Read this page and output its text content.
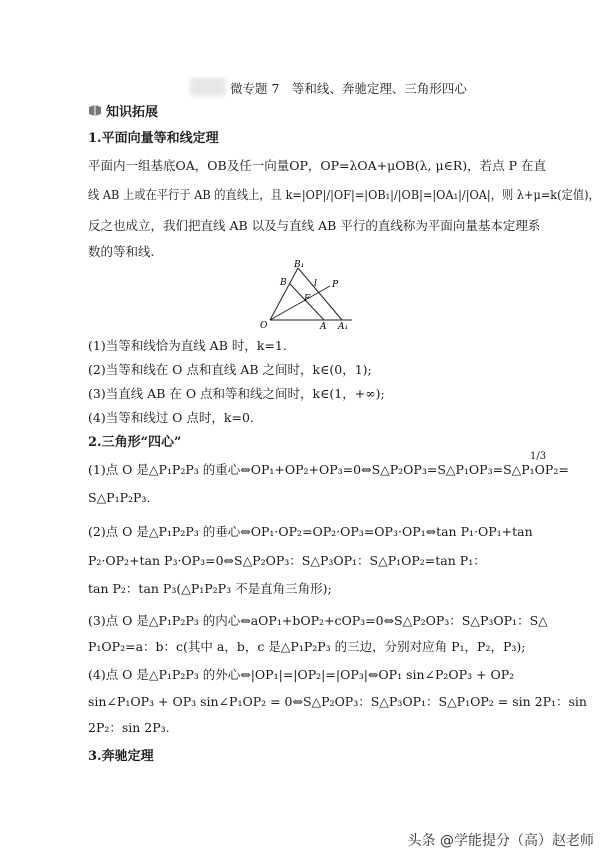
微专题 7　等和线、奔驰定理、三角形四心
知识拓展
1.平面向量等和线定理
平面内一组基底OA，OB及任一向量OP，OP=λOA+μOB(λ, μ∈R)，若点 P 在直
线 AB 上或在平行于 AB 的直线上，且 k=|OP|/|OF|=|OB₁|/|OB|=|OA₁|/|OA|，则 λ+μ=k(定值)，
反之也成立，我们把直线 AB 以及与直线 AB 平行的直线称为平面向量基本定理系
数的等和线.
B₁
B	l P
F
O	A A₁
(1)当等和线恰为直线 AB 时，k=1.
(2)当等和线在 O 点和直线 AB 之间时，k∈(0，1);
(3)当直线 AB 在 O 点和等和线之间时，k∈(1，+∞);
(4)当等和线过 O 点时，k=0.
2.三角形“四心”
(1)点 O 是△P₁P₂P₃ 的重心⇔OP₁+OP₂+OP₃=0⇔S△P₂OP₃=S△P₁OP₃=S△P₁OP₂=
1/3
S△P₁P₂P₃.
(2)点 O 是△P₁P₂P₃ 的垂心⇔OP₁·OP₂=OP₂·OP₃=OP₃·OP₁⇔tan P₁·OP₁+tan
P₂·OP₂+tan P₃·OP₃=0⇔S△P₂OP₃：S△P₃OP₁：S△P₁OP₂=tan P₁：
tan P₂：tan P₃(△P₁P₂P₃ 不是直角三角形);
(3)点 O 是△P₁P₂P₃ 的内心⇔aOP₁+bOP₂+cOP₃=0⇔S△P₂OP₃：S△P₃OP₁：S△
P₁OP₂=a：b：c(其中 a，b，c 是△P₁P₂P₃ 的三边，分别对应角 P₁，P₂，P₃);
(4)点 O 是△P₁P₂P₃ 的外心⇔|OP₁|=|OP₂|=|OP₃|⇔OP₁ sin∠P₂OP₃ + OP₂
sin∠P₁OP₃ + OP₃ sin∠P₁OP₂ = 0⇔S△P₂OP₃：S△P₃OP₁：S△P₁OP₂ = sin 2P₁：sin
2P₂：sin 2P₃.
3.奔驰定理
头条 @学能提分（高）赵老师
